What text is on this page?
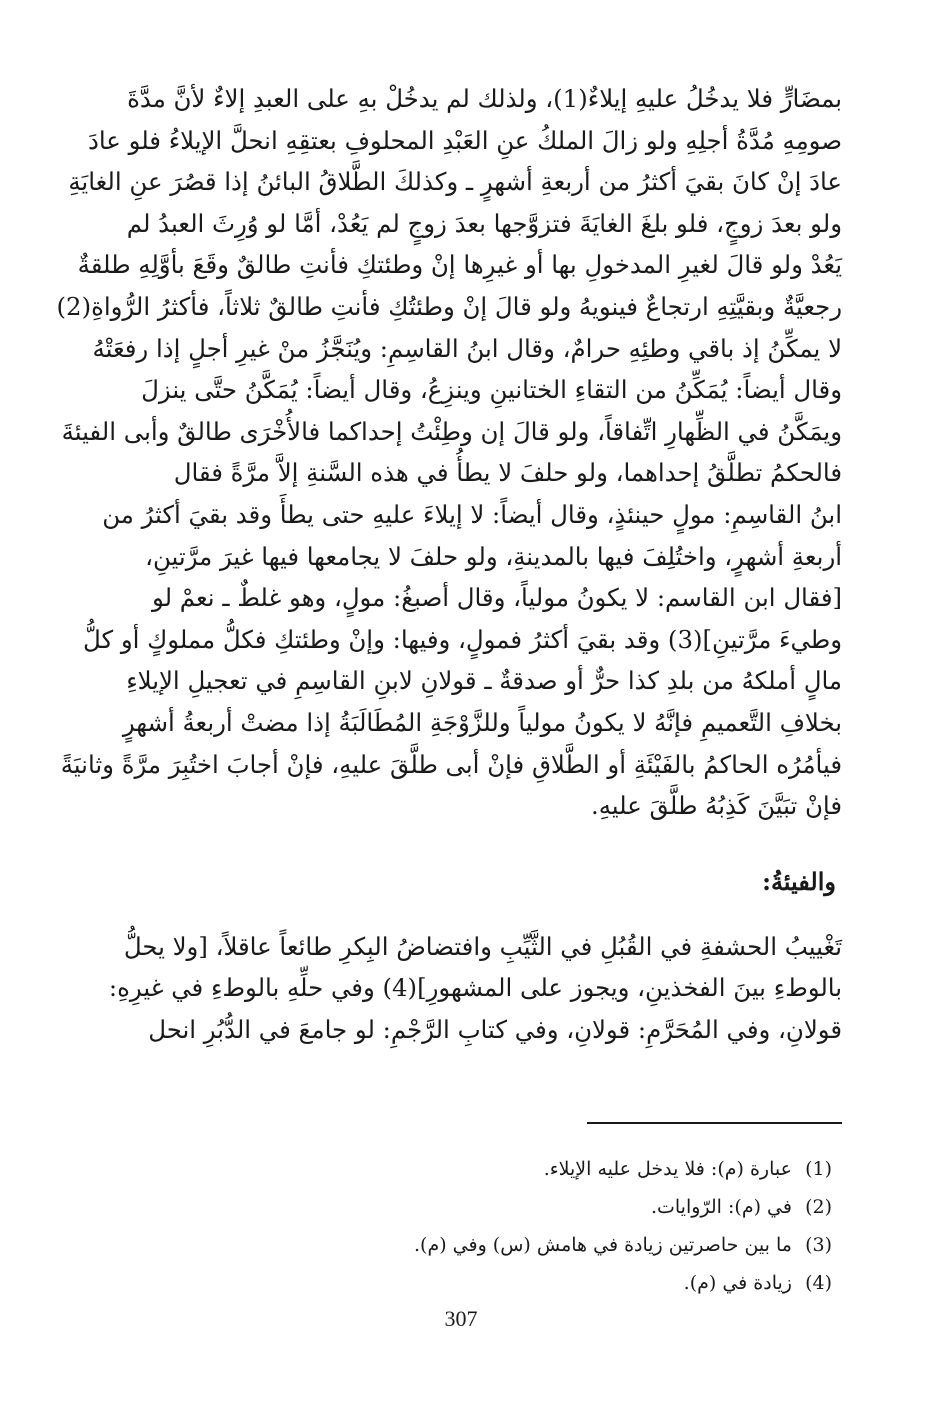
بمضَارٍّ فلا يدخُلُ عليهِ إيلاءٌ(1)، ولذلك لم يدخُلْ بهِ على العبدِ إلاءٌ لأنَّ مدَّةَ
صومِهِ مُدَّةُ أجلِهِ ولو زالَ الملكُ عنِ العَبْدِ المحلوفِ بعتقِهِ انحلَّ الإيلاءُ فلو عادَ
عادَ إنْ كانَ بقيَ أكثرُ من أربعةِ أشهرٍ ـ وكذلكَ الطَّلاقُ البائنُ إذا قصُرَ عنِ الغايَةِ
ولو بعدَ زوجٍ، فلو بلغَ الغايَةَ فتزوَّجها بعدَ زوجٍ لم يَعُدْ، أمَّا لو وُرِثَ العبدُ لم
يَعُدْ ولو قالَ لغيرِ المدخولِ بها أو غيرِها إنْ وطئتكِ فأنتِ طالقٌ وقَعَ بأوَّلِهِ طلقةٌ
رجعيَّةٌ وبقيَّتِهِ ارتجاعٌ فينويهُ ولو قالَ إنْ وطئتُكِ فأنتِ طالقٌ ثلاثاً، فأكثرُ الرُّواةِ(2)
لا يمكِّنُ إذ باقي وطئِهِ حرامٌ، وقال ابنُ القاسِمِ: ويُنَجَّزُ منْ غيرِ أجلٍ إذا رفعَتْهُ
وقال أيضاً: يُمَكِّنُ من التقاءِ الختانينِ وينزِعُ، وقال أيضاً: يُمَكَّنُ حتَّى ينزلَ
ويمَكَّنُ في الظِّهارِ اتِّفاقاً، ولو قالَ إن وطِئْتُ إحداكما فالأُخْرَى طالقٌ وأبى الفيئةَ
فالحكمُ تطلَّقُ إحداهما، ولو حلفَ لا يطأُ في هذه السَّنةِ إلاَّ مرَّةً فقال
ابنُ القاسِمِ: مولٍ حينئذٍ، وقال أيضاً: لا إيلاءَ عليهِ حتى يطأَ وقد بقيَ أكثرُ من
أربعةِ أشهرٍ، واختُلِفَ فيها بالمدينةِ، ولو حلفَ لا يجامعها فيها غيرَ مرَّتينِ،
[فقال ابن القاسم: لا يكونُ مولياً، وقال أصبغُ: مولٍ، وهو غلطٌ ـ نعمْ لو
وطيءَ مرَّتينِ](3) وقد بقيَ أكثرُ فمولٍ، وفيها: وإنْ وطئتكِ فكلُّ مملوكٍ أو كلُّ
مالٍ أملكهُ من بلدِ كذا حرٌّ أو صدقةٌ ـ قولانِ لابنِ القاسِمِ في تعجيلِ الإيلاءِ
بخلافِ التَّعميمِ فإنَّهُ لا يكونُ مولياً وللزَّوْجَةِ المُطَالَبَةُ إذا مضتْ أربعةُ أشهرٍ
فيأمُرُه الحاكمُ بالفَيْئَةِ أو الطَّلاقِ فإنْ أبى طلَّقَ عليهِ، فإنْ أجابَ اختُبِرَ مرَّةً وثانيَةً
فإنْ تبَيَّنَ كَذِبُهُ طلَّقَ عليهِ.
والفيئةُ:
تَغْييبُ الحشفةِ في القُبُلِ في الثَّيِّبِ وافتضاضُ البِكرِ طائعاً عاقلاً، [ولا يحلُّ
بالوطءِ بينَ الفخذينِ، ويجوز على المشهورِ](4) وفي حلِّهِ بالوطءِ في غيرِهِ:
قولانِ، وفي المُحَرَّمِ: قولانِ، وفي كتابِ الرَّجْمِ: لو جامعَ في الدُّبُرِ انحل
(1) عبارة (م): فلا يدخل عليه الإيلاء.
(2) في (م): الرّوايات.
(3) ما بين حاصرتين زيادة في هامش (س) وفي (م).
(4) زيادة في (م).
307
